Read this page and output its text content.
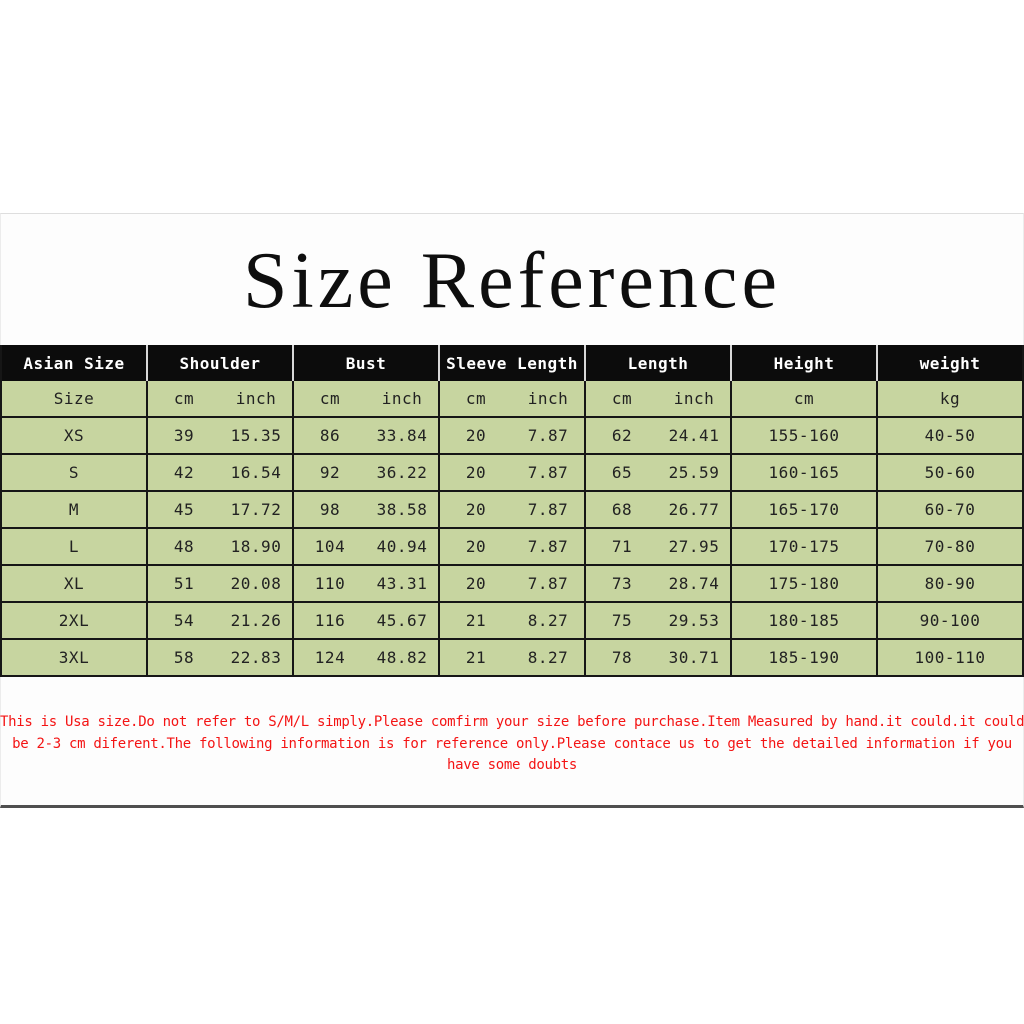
Size Reference
Asian Size	Shoulder	Bust	Sleeve Length	Length	Height	weight
Size	cm	inch	cm	inch	cm	inch	cm	inch	cm	kg
XS	39	15.35	86	33.84	20	7.87	62	24.41	155-160	40-50
S	42	16.54	92	36.22	20	7.87	65	25.59	160-165	50-60
M	45	17.72	98	38.58	20	7.87	68	26.77	165-170	60-70
L	48	18.90	104	40.94	20	7.87	71	27.95	170-175	70-80
XL	51	20.08	110	43.31	20	7.87	73	28.74	175-180	80-90
2XL	54	21.26	116	45.67	21	8.27	75	29.53	180-185	90-100
3XL	58	22.83	124	48.82	21	8.27	78	30.71	185-190	100-110
This is Usa size.Do not refer to S/M/L simply.Please comfirm your size before purchase.Item Measured by hand.it could.it could
be 2-3 cm diferent.The following information is for reference only.Please contace us to get the detailed information if you
have some doubts
